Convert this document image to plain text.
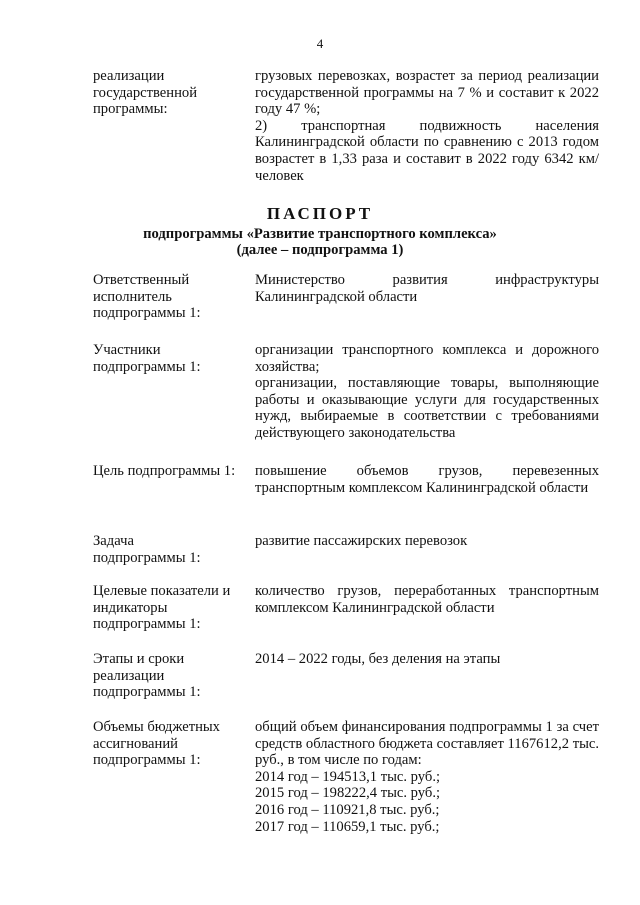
4
реализации государственной программы:

грузовых перевозках, возрастет за период реализации государственной программы на 7 % и составит к 2022 году 47 %;

2) транспортная подвижность населения Калининградской области по сравнению с 2013 годом возрастет в 1,33 раза и составит в 2022 году 6342 км/человек

ПАСПОРТ
подпрограммы «Развитие транспортного комплекса»
(далее – подпрограмма 1)
Ответственный исполнитель подпрограммы 1:

Министерство развития инфраструктуры Калининградской области

Участники подпрограммы 1:

организации транспортного комплекса и дорожного хозяйства;

организации, поставляющие товары, выполняющие работы и оказывающие услуги для государственных нужд, выбираемые в соответствии с требованиями действующего законодательства

Цель подпрограммы 1:	повышение объемов грузов, перевезенных транспортным комплексом Калининградской области

Задача подпрограммы 1:

развитие пассажирских перевозок

Целевые показатели и индикаторы подпрограммы 1:

количество грузов, переработанных транспортным комплексом Калининградской области

Этапы и сроки реализации подпрограммы 1:

2014 – 2022 годы, без деления на этапы

Объемы бюджетных ассигнований подпрограммы 1:

общий объем финансирования подпрограммы 1 за счет средств областного бюджета составляет 1167612,2 тыс. руб., в том числе по годам:

2014 год – 194513,1 тыс. руб.;

2015 год – 198222,4 тыс. руб.;

2016 год – 110921,8 тыс. руб.;

2017 год – 110659,1 тыс. руб.;
